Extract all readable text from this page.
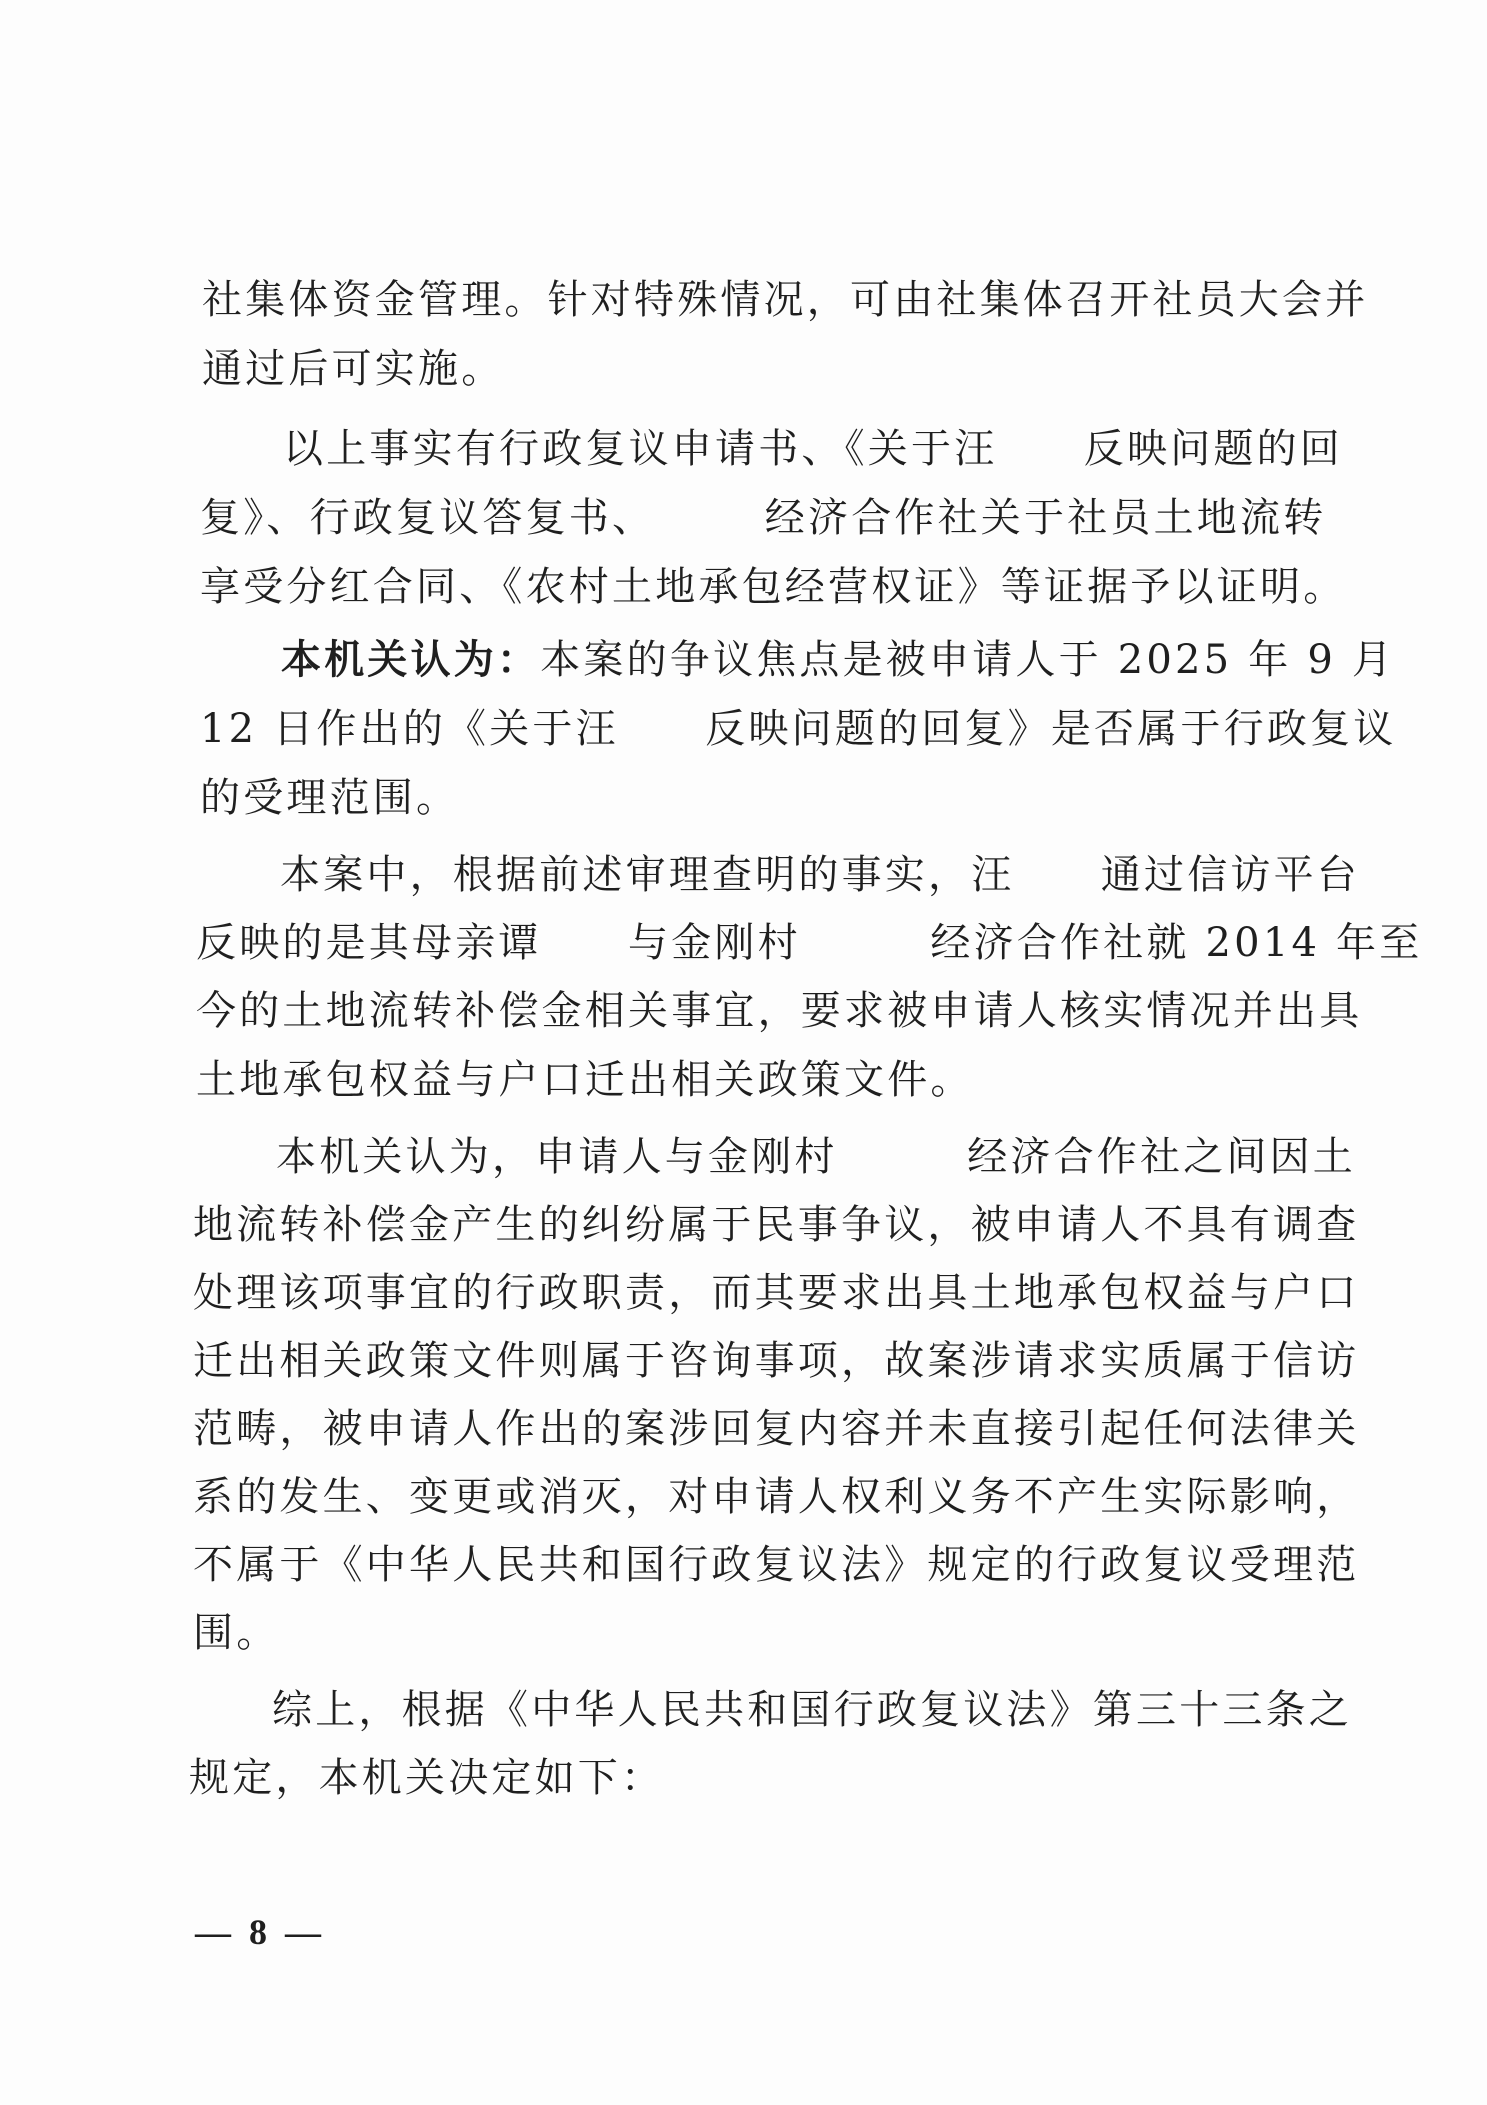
社集体资金管理。针对特殊情况，可由社集体召开社员大会并
通过后可实施。
以上事实有行政复议申请书、《关于汪　　反映问题的回
复》、行政复议答复书、　　　经济合作社关于社员土地流转
享受分红合同、《农村土地承包经营权证》等证据予以证明。
本机关认为：本案的争议焦点是被申请人于 2025 年 9 月
12 日作出的《关于汪　　反映问题的回复》是否属于行政复议
的受理范围。
本案中，根据前述审理查明的事实，汪　　通过信访平台
反映的是其母亲谭　　与金刚村　　　经济合作社就 2014 年至
今的土地流转补偿金相关事宜，要求被申请人核实情况并出具
土地承包权益与户口迁出相关政策文件。
本机关认为，申请人与金刚村　　　经济合作社之间因土
地流转补偿金产生的纠纷属于民事争议，被申请人不具有调查
处理该项事宜的行政职责，而其要求出具土地承包权益与户口
迁出相关政策文件则属于咨询事项，故案涉请求实质属于信访
范畴，被申请人作出的案涉回复内容并未直接引起任何法律关
系的发生、变更或消灭，对申请人权利义务不产生实际影响，
不属于《中华人民共和国行政复议法》规定的行政复议受理范
围。
综上，根据《中华人民共和国行政复议法》第三十三条之
规定，本机关决定如下：
— 8 —
